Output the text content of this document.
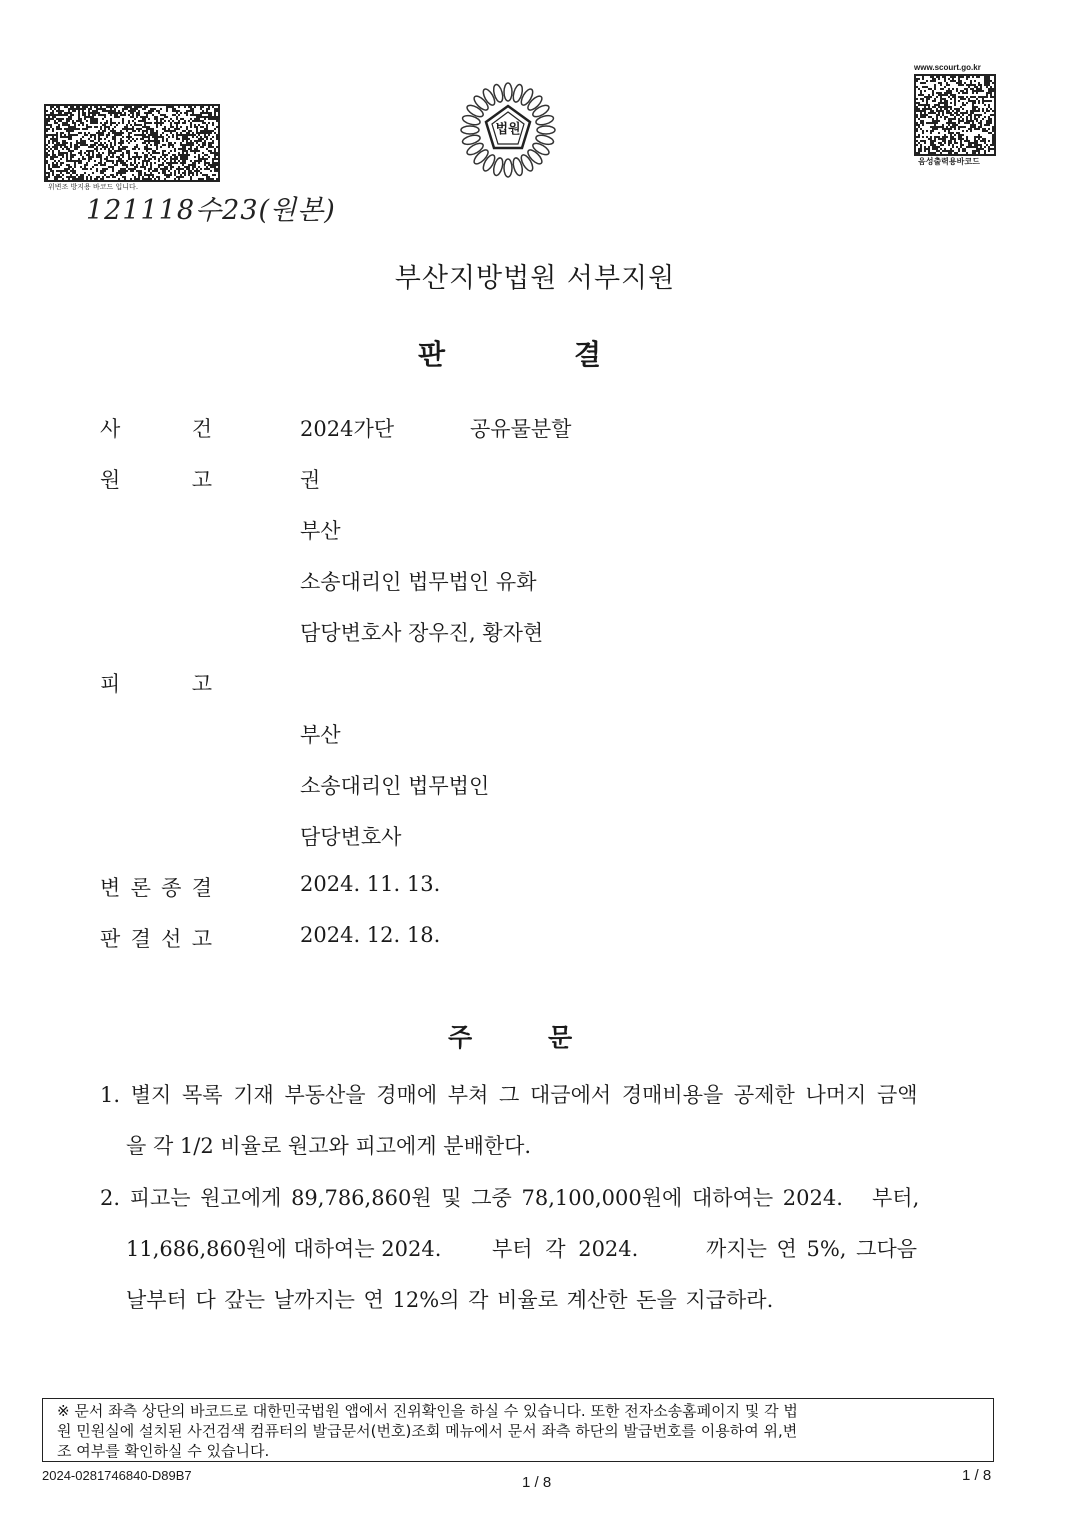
위변조 방지용 바코드 입니다.
121118수23(원본)
법원
www.scourt.go.kr
음성출력용바코드
부산지방법원 서부지원
판	결
사	건	2024가단	공유물분할
원	고	권
부산
소송대리인 법무법인 유화
담당변호사 장우진, 황자현
피	고
부산
소송대리인 법무법인
담당변호사
변 론 종 결	2024. 11. 13.
판 결 선 고	2024. 12. 18.
주	문
1. 별지 목록 기재 부동산을 경매에 부쳐 그 대금에서 경매비용을 공제한 나머지 금액
을 각 1/2 비율로 원고와 피고에게 분배한다.
2. 피고는 원고에게 89,786,860원 및 그중 78,100,000원에 대하여는 2024. 부터,
11,686,860원에 대하여는 2024. 부터 각 2024.	까지는 연 5%, 그다음
날부터 다 갚는 날까지는 연 12%의 각 비율로 계산한 돈을 지급하라.
※ 문서 좌측 상단의 바코드로 대한민국법원 앱에서 진위확인을 하실 수 있습니다. 또한 전자소송홈페이지 및 각 법
원 민원실에 설치된 사건검색 컴퓨터의 발급문서(번호)조회 메뉴에서 문서 좌측 하단의 발급번호를 이용하여 위,변
조 여부를 확인하실 수 있습니다.
2024-0281746840-D89B7	1 / 8	1 / 8
